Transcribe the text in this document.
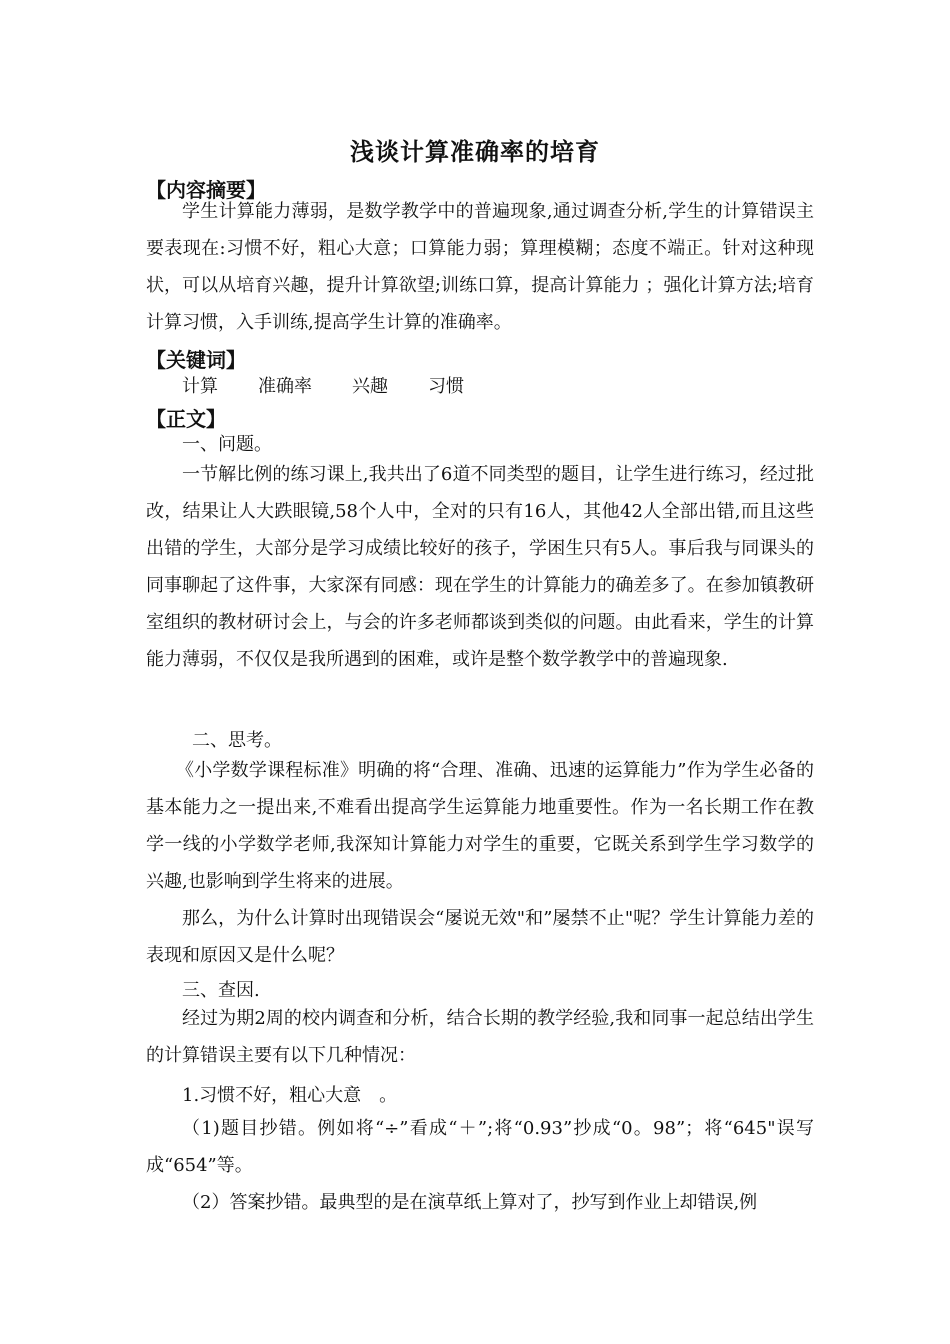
浅谈计算准确率的培育
【内容摘要】
学生计算能力薄弱，是数学教学中的普遍现象,通过调查分析,学生的计算错误主要表现在:习惯不好，粗心大意；口算能力弱；算理模糊；态度不端正。针对这种现状，可以从培育兴趣，提升计算欲望;训练口算，提高计算能力 ；强化计算方法;培育计算习惯，入手训练,提高学生计算的准确率。
【关键词】
计算 准确率 兴趣 习惯
【正文】
一、问题。
一节解比例的练习课上,我共出了6道不同类型的题目，让学生进行练习，经过批改，结果让人大跌眼镜,58个人中，全对的只有16人，其他42人全部出错,而且这些出错的学生，大部分是学习成绩比较好的孩子，学困生只有5人。事后我与同课头的同事聊起了这件事，大家深有同感：现在学生的计算能力的确差多了。在参加镇教研室组织的教材研讨会上，与会的许多老师都谈到类似的问题。由此看来，学生的计算能力薄弱，不仅仅是我所遇到的困难，或许是整个数学教学中的普遍现象.
二、思考。
《小学数学课程标准》明确的将“合理、准确、迅速的运算能力”作为学生必备的基本能力之一提出来,不难看出提高学生运算能力地重要性。作为一名长期工作在教学一线的小学数学老师,我深知计算能力对学生的重要，它既关系到学生学习数学的兴趣,也影响到学生将来的进展。
那么，为什么计算时出现错误会“屡说无效"和”屡禁不止"呢？学生计算能力差的表现和原因又是什么呢？
三、查因.
经过为期2周的校内调查和分析，结合长期的教学经验,我和同事一起总结出学生的计算错误主要有以下几种情况：
1.习惯不好，粗心大意　。
（1)题目抄错。例如将“÷”看成“＋”;将“0.93”抄成“0。98”；将“645"误写成“654”等。
（2）答案抄错。最典型的是在演草纸上算对了，抄写到作业上却错误,例
